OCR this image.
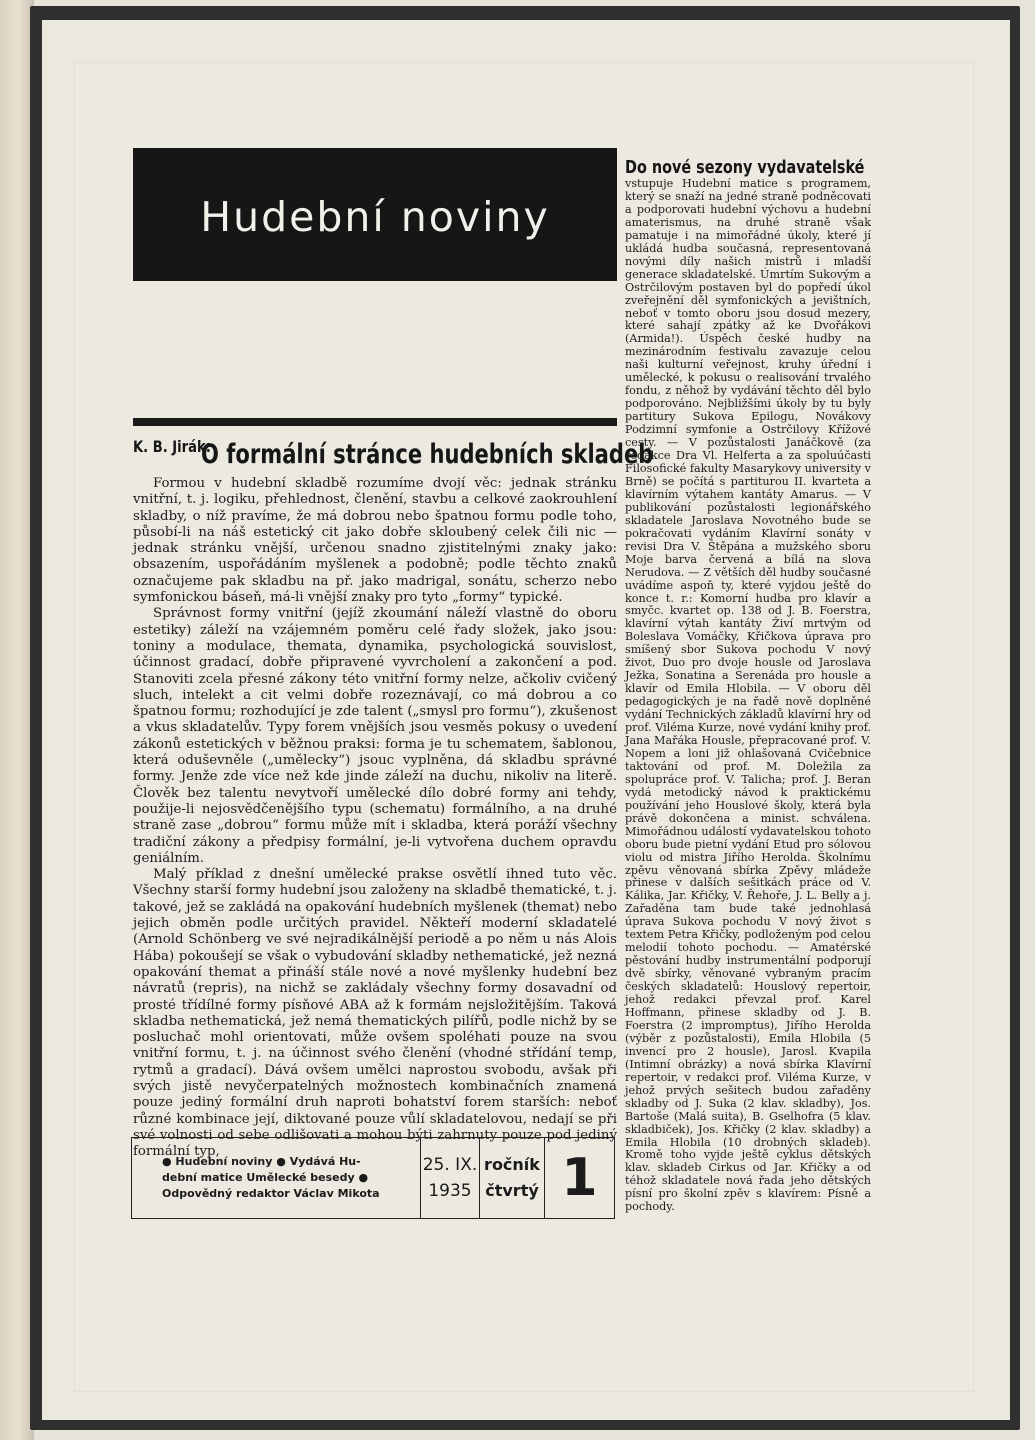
Hudební noviny
K. B. Jirák:
O formální stránce hudebních skladeb

Formou v hudební skladbě rozumíme dvojí věc: jednak stránku vnitřní, t. j. logiku, přehlednost, členění, stavbu a celkové zaokrouhlení skladby, o níž pravíme, že má dobrou nebo špatnou formu podle toho, působí-li na náš estetický cit jako dobře skloubený celek čili nic —jednak stránku vnější, určenou snadno zjistitelnými znaky jako: obsazením, uspořádáním myšlenek a podobně; podle těchto znaků označujeme pak skladbu na př. jako madrigal, sonátu, scherzo nebo symfonickou báseň, má-li vnější znaky pro tyto „formy“ typické.

Správnost formy vnitřní (jejíž zkoumání náleží vlastně do oboru estetiky) záleží na vzájemném poměru celé řady složek, jako jsou: toniny a modulace, themata, dynamika, psychologická souvislost, účinnost gradací, dobře připravené vyvrcholení a zakončení a pod. Stanoviti zcela přesné zákony této vnitřní formy nelze, ačkoliv cvičený sluch, intelekt a cit velmi dobře rozeznávají, co má dobrou a co špatnou formu; rozhodující je zde talent („smysl pro formu“), zkušenost a vkus skladatelův. Typy forem vnějších jsou vesměs pokusy o uvedení zákonů estetických v běžnou praksi: forma je tu schematem, šablonou, která oduševněle („umělecky“) jsouc vyplněna, dá skladbu správné formy. Jenže zde více než kde jinde záleží na duchu, nikoliv na literě. Člověk bez talentu nevytvoří umělecké dílo dobré formy ani tehdy, použije-li nejosvědčenějšího typu (schematu) formálního, a na druhé straně zase „dobrou“ formu může mít i skladba, která poráží všechny tradiční zákony a předpisy formální, je-li vytvořena duchem opravdu geniálním.

Malý příklad z dnešní umělecké prakse osvětlí ihned tuto věc. Všechny starší formy hudební jsou založeny na skladbě thematické, t. j. takové, jež se zakládá na opakování hudebních myšlenek (themat) nebo jejich obměn podle určitých pravidel. Někteří moderní skladatelé (Arnold Schönberg ve své nejradikálnější periodě a po něm u nás Alois Hába) pokoušejí se však o vybudování skladby nethematické, jež nezná opakování themat a přináší stále nové a nové myšlenky hudební bez návratů (repris), na nichž se zakládaly všechny formy dosavadní od prosté třídílné formy písňové ABA až k formám nejsložitějším. Taková skladba nethematická, jež nemá thematických pilířů, podle nichž by se posluchač mohl orientovati, může ovšem spoléhati pouze na svou vnitřní formu, t. j. na účinnost svého členění (vhodné střídání temp, rytmů a gradací). Dává ovšem umělci naprostou svobodu, avšak při svých jistě nevyčerpatelných možnostech kombinačních znamená pouze jediný formální druh naproti bohatství forem starších: neboť různé kombinace její, diktované pouze vůlí skladatelovou, nedají se při své volnosti od sebe odlišovati a mohou býti zahrnuty pouze pod jediný formální typ,

● Hudební noviny ● Vydává Hu-
dební matice Umělecké besedy ●
Odpovědný redaktor Václav Mikota
25. IX.
1935
ročník
čtvrtý 1
Do nové sezony vydavatelské

vstupuje Hudební matice s programem, který se snaží na jedné straně podněcovati a podporovati hudební výchovu a hudební amaterismus, na druhé straně však pamatuje i na mimořádné úkoly, které jí ukládá hudba současná, representovaná novými díly našich mistrů i mladší generace skladatelské. Úmrtím Sukovým a Ostrčilovým postaven byl do popředí úkol zveřejnění děl symfonických a jevištních, neboť v tomto oboru jsou dosud mezery, které sahají zpátky až ke Dvořákovi (Armida!). Úspěch české hudby na mezinárodním festivalu zavazuje celou naši kulturní veřejnost, kruhy úřední i umělecké, k pokusu o realisování trvalého fondu, z něhož by vydávání těchto děl bylo podporováno. Nejbližšími úkoly by tu byly partitury Sukova Epilogu, Novákovy Podzimní symfonie a Ostrčilovy Křížové cesty. — V pozůstalosti Janáčkově (za redakce Dra Vl. Helferta a za spoluúčasti Filosofické fakulty Masarykovy university v Brně) se počítá s partiturou II. kvarteta a klavírním výtahem kantáty Amarus. — V publikování pozůstalosti legionářského skladatele Jaroslava Novotného bude se pokračovati vydáním Klavírní sonáty v revisi Dra V. Štěpána a mužského sboru Moje barva červená a bílá na slova Nerudova. — Z větších děl hudby současné uvádíme aspoň ty, které vyjdou ještě do konce t. r.: Komorní hudba pro klavír a smyčc. kvartet op. 138 od J. B. Foerstra, klavírní výtah kantáty Živí mrtvým od Boleslava Vomáčky, Křičkova úprava pro smíšený sbor Sukova pochodu V nový život, Duo pro dvoje housle od Jaroslava Ježka, Sonatina a Serenáda pro housle a klavír od Emila Hlobila. — V oboru děl pedagogických je na řadě nově doplněné vydání Technických základů klavírní hry od prof. Viléma Kurze, nové vydání knihy prof. Jana Mařáka Housle, přepracované prof. V. Nopem a loni již ohlašovaná Cvičebnice taktování od prof. M. Doležila za spolupráce prof. V. Talicha; prof. J. Beran vydá metodický návod k praktickému používání jeho Houslové školy, která byla právě dokončena a minist. schválena. Mimořádnou událostí vydavatelskou tohoto oboru bude pietní vydání Etud pro sólovou violu od mistra Jiřího Herolda. Školnímu zpěvu věnovaná sbírka Zpěvy mládeže přinese v dalších sešitkách práce od V. Kálika, Jar. Křičky, V. Řehoře, J. L. Belly a j. Zařaděna tam bude také jednohlasá úprava Sukova pochodu V nový život s textem Petra Křičky, podloženým pod celou melodií tohoto pochodu. — Amatérské pěstování hudby instrumentální podporují dvě sbírky, věnované vybraným pracím českých skladatelů: Houslový repertoir, jehož redakci převzal prof. Karel Hoffmann, přinese skladby od J. B. Foerstra (2 impromptus), Jiřího Herolda (výběr z pozůstalosti), Emila Hlobila (5 invencí pro 2 housle), Jarosl. Kvapila (Intimní obrázky) a nová sbírka Klavírní repertoir, v redakci prof. Viléma Kurze, v jehož prvých sešitech budou zařaděny skladby od J. Suka (2 klav. skladby), Jos. Bartoše (Malá suita), B. Gselhofra (5 klav. skladbiček), Jos. Křičky (2 klav. skladby) a Emila Hlobila (10 drobných skladeb). Kromě toho vyjde ještě cyklus dětských klav. skladeb Cirkus od Jar. Křičky a od téhož skladatele nová řada jeho dětských písní pro školní zpěv s klavírem: Písně a pochody.
